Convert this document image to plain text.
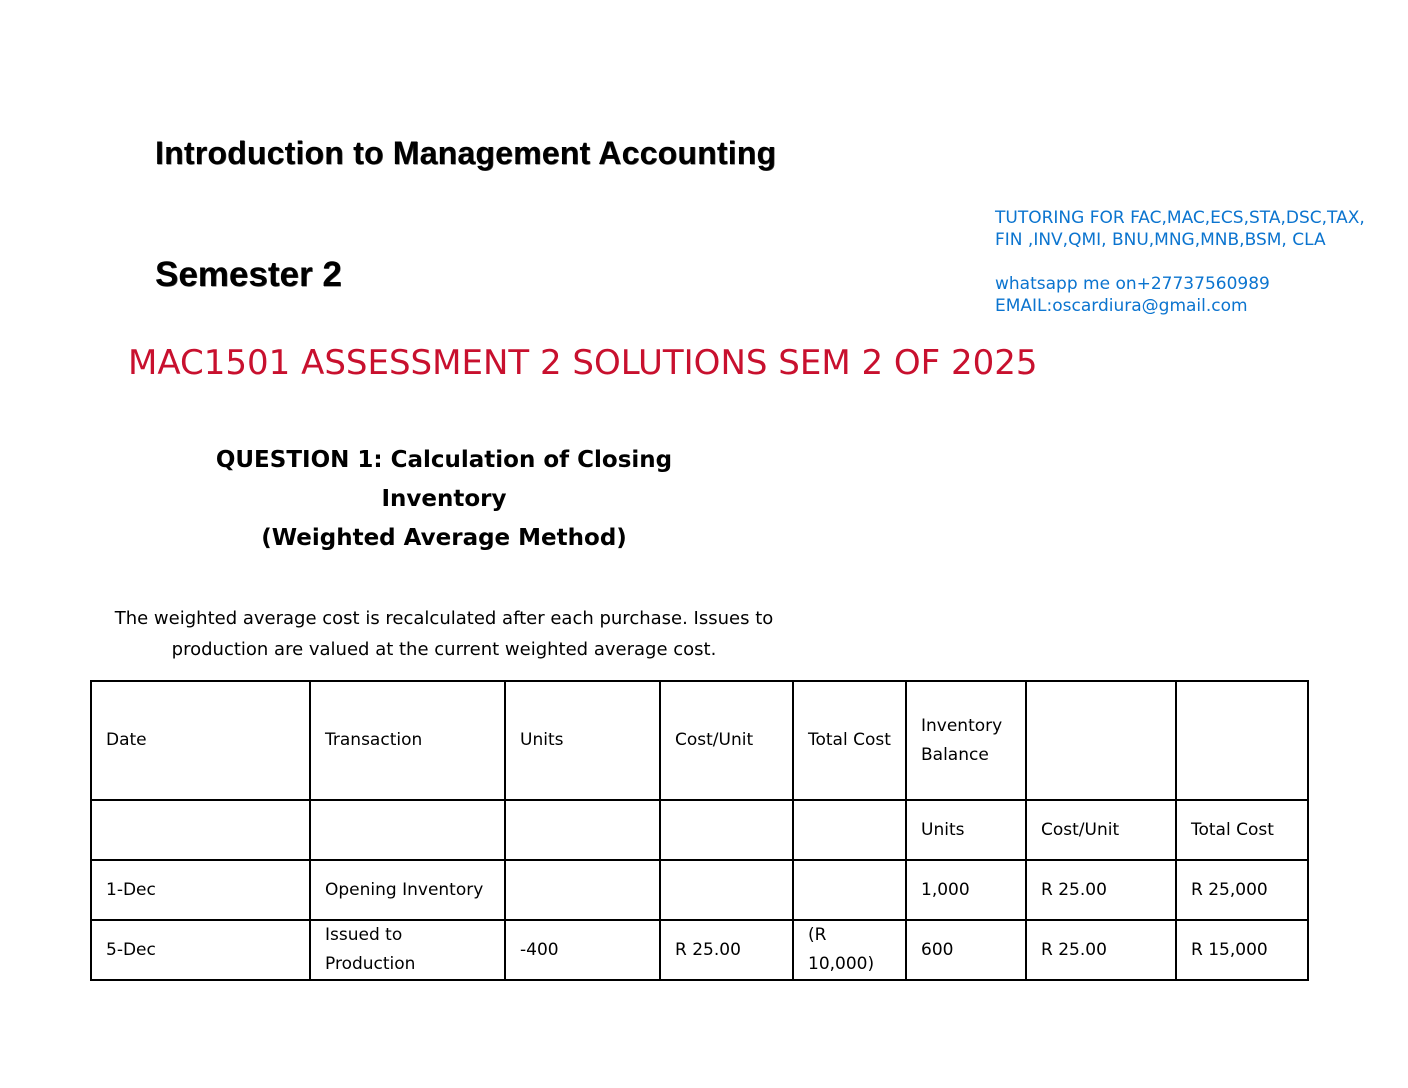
Introduction to Management Accounting
Semester 2
TUTORING FOR FAC,MAC,ECS,STA,DSC,TAX,
FIN ,INV,QMI, BNU,MNG,MNB,BSM, CLA
whatsapp me on+27737560989
EMAIL:oscardiura@gmail.com
MAC1501 ASSESSMENT 2 SOLUTIONS SEM 2 OF 2025
QUESTION 1: Calculation of Closing Inventory
(Weighted Average Method)
The weighted average cost is recalculated after each purchase. Issues to
production are valued at the current weighted average cost.
Date	Transaction	Units	Cost/Unit	Total Cost	Inventory Balance		
					Units	Cost/Unit	Total Cost
1-Dec	Opening Inventory				1,000	R 25.00	R 25,000
5-Dec	Issued to Production	-400	R 25.00	(R 10,000)	600	R 25.00	R 15,000
